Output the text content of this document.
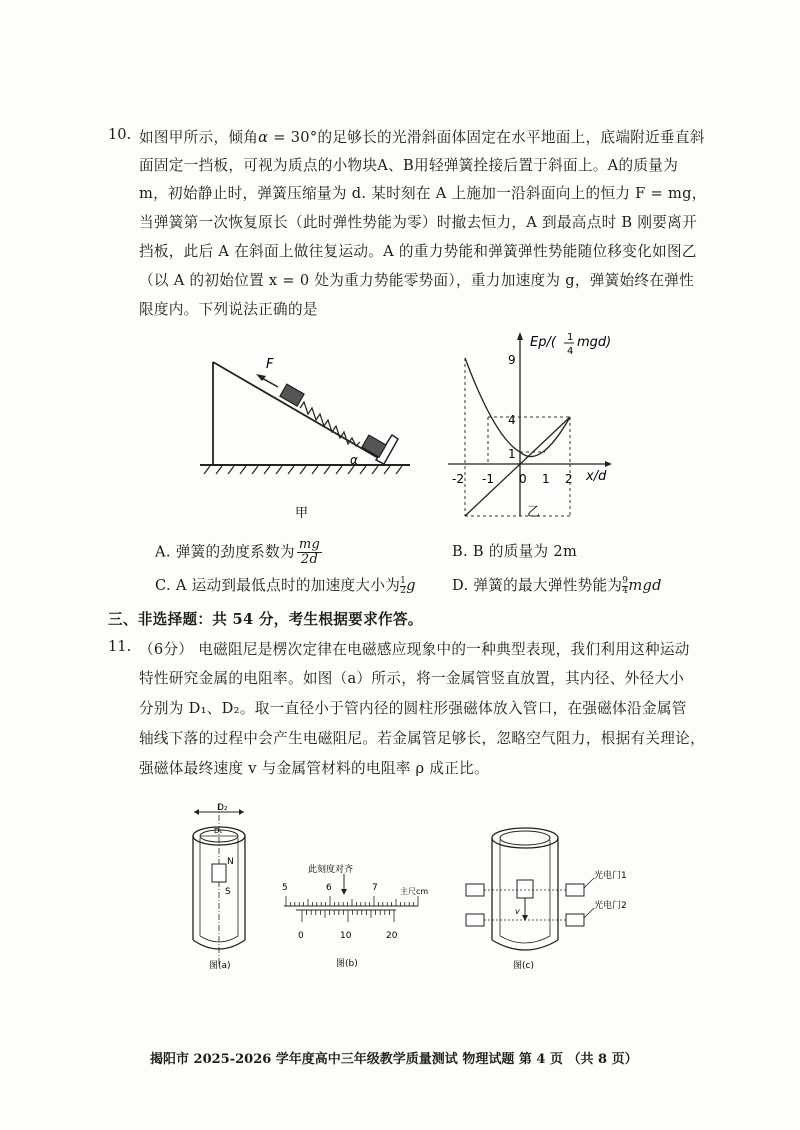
10. 如图甲所示，倾角α = 30°的足够长的光滑斜面体固定在水平地面上，底端附近垂直斜
面固定一挡板，可视为质点的小物块A、B用轻弹簧拴接后置于斜面上。A的质量为
m，初始静止时，弹簧压缩量为 d. 某时刻在 A 上施加一沿斜面向上的恒力 F = mg，
当弹簧第一次恢复原长（此时弹性势能为零）时撤去恒力，A 到最高点时 B 刚要离开
挡板，此后 A 在斜面上做往复运动。A 的重力势能和弹簧弹性势能随位移变化如图乙
（以 A 的初始位置 x = 0 处为重力势能零势面），重力加速度为 g，弹簧始终在弹性
限度内。下列说法正确的是
F
α
甲
Ep/( 1
4
mgd)
x/d
-2 -1 0 1 2
9
4
1
乙
A. 弹簧的劲度系数为 $\frac{mg}{2d}$	B. B 的质量为 2m
C. A 运动到最低点时的加速度大小为 $\frac{1}{2}g$ D. 弹簧的最大弹性势能为 $\frac{9}{4}mgd$
三、非选择题：共 54 分，考生根据要求作答。
11. （6分） 电磁阻尼是楞次定律在电磁感应现象中的一种典型表现，我们利用这种运动
特性研究金属的电阻率。如图（a）所示，将一金属管竖直放置，其内径、外径大小
分别为 D₁、D₂。取一直径小于管内径的圆柱形强磁体放入管口，在强磁体沿金属管
轴线下落的过程中会产生电磁阻尼。若金属管足够长，忽略空气阻力，根据有关理论，
强磁体最终速度 v 与金属管材料的电阻率 ρ 成正比。
D₂
D₁
N
S
图(a)
此刻度对齐
主尺cm
5	6	7
0	10	20
图(b)
v
光电门1
光电门2
图(c)
揭阳市 2025-2026 学年度高中三年级教学质量测试 物理试题 第 4 页 （共 8 页）
